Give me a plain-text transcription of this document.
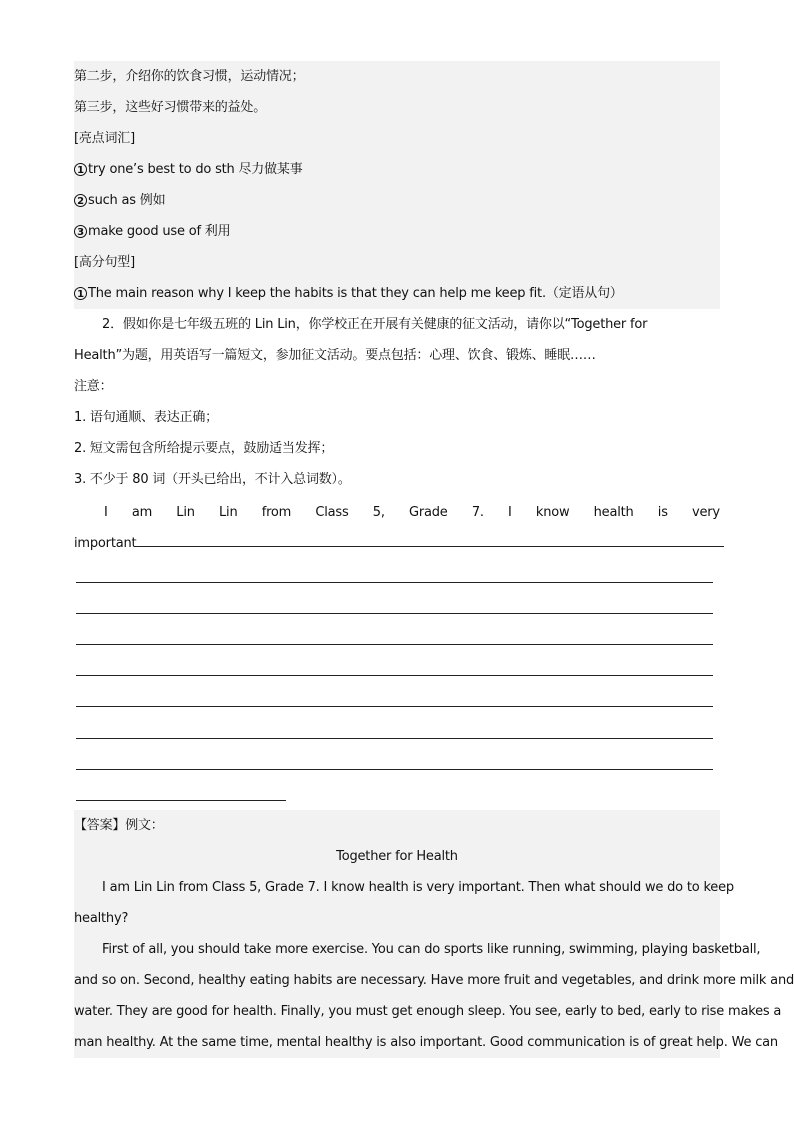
第二步，介绍你的饮食习惯，运动情况；
第三步，这些好习惯带来的益处。
[亮点词汇]
1 try one’s best to do sth 尽力做某事
2 such as 例如
3 make good use of 利用
[高分句型]
1 The main reason why I keep the habits is that they can help me keep fit.（定语从句）
2．假如你是七年级五班的 Lin Lin，你学校正在开展有关健康的征文活动，请你以“Together for
Health”为题，用英语写一篇短文，参加征文活动。要点包括：心理、饮食、锻炼、睡眠……
注意：
1. 语句通顺、表达正确；
2. 短文需包含所给提示要点，鼓励适当发挥；
3. 不少于 80 词（开头已给出，不计入总词数）。
I am Lin Lin from Class 5, Grade 7. I know health is very
important
【答案】例文：
Together for Health
I am Lin Lin from Class 5, Grade 7. I know health is very important. Then what should we do to keep
healthy?
First of all, you should take more exercise. You can do sports like running, swimming, playing basketball,
and so on. Second, healthy eating habits are necessary. Have more fruit and vegetables, and drink more milk and
water. They are good for health. Finally, you must get enough sleep. You see, early to bed, early to rise makes a
man healthy. At the same time, mental healthy is also important. Good communication is of great help. We can
